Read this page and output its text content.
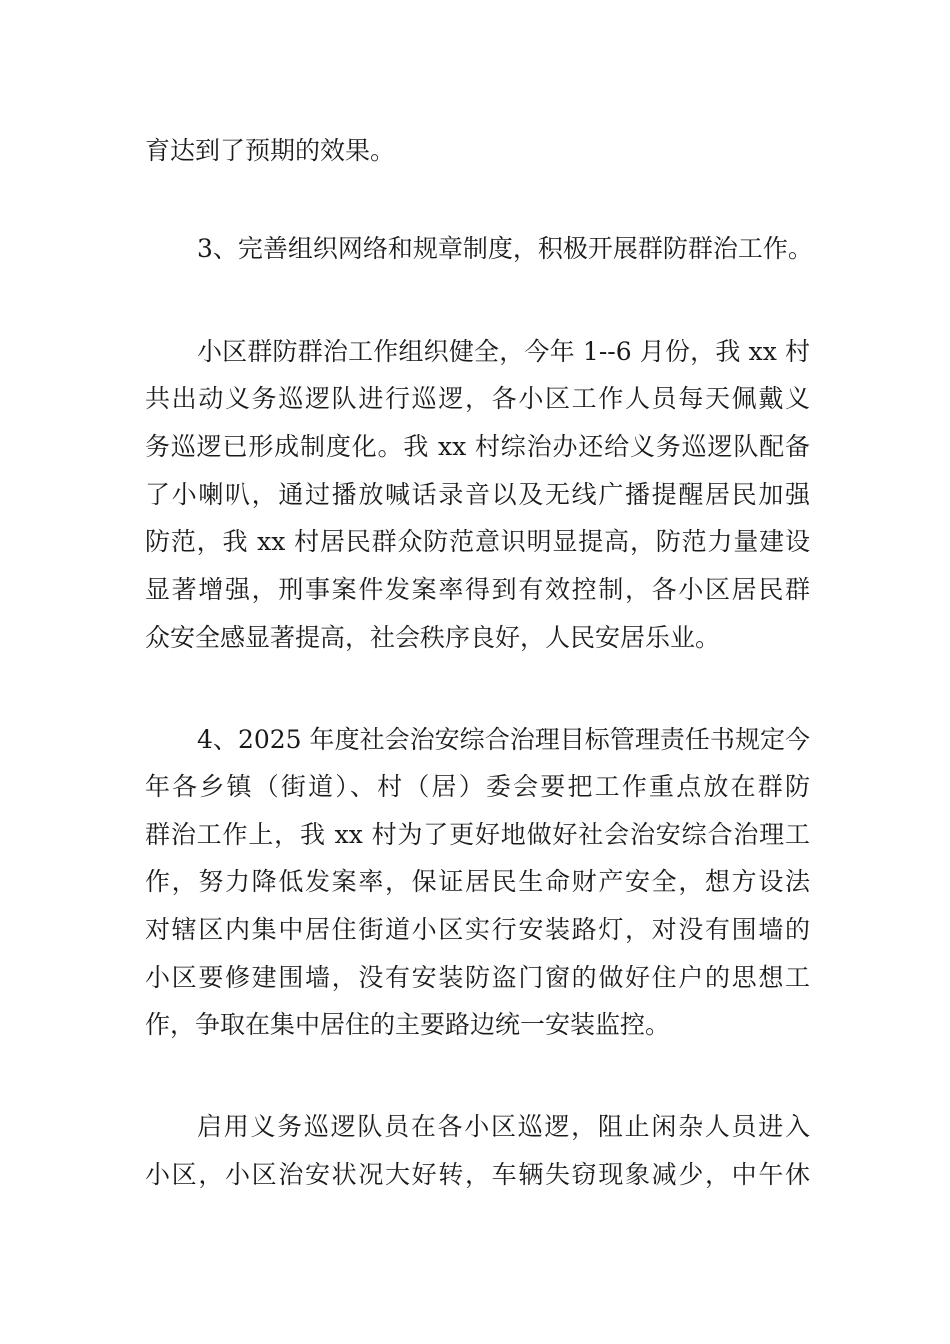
育达到了预期的效果。
3、完善组织网络和规章制度，积极开展群防群治工作。
小区群防群治工作组织健全，今年 1--6 月份，我 xx 村
共出动义务巡逻队进行巡逻，各小区工作人员每天佩戴义
务巡逻已形成制度化。我 xx 村综治办还给义务巡逻队配备
了小喇叭，通过播放喊话录音以及无线广播提醒居民加强
防范，我 xx 村居民群众防范意识明显提高，防范力量建设
显著增强，刑事案件发案率得到有效控制，各小区居民群
众安全感显著提高，社会秩序良好，人民安居乐业。
4、2025 年度社会治安综合治理目标管理责任书规定今
年各乡镇（街道）、村（居）委会要把工作重点放在群防
群治工作上，我 xx 村为了更好地做好社会治安综合治理工
作，努力降低发案率，保证居民生命财产安全，想方设法
对辖区内集中居住街道小区实行安装路灯，对没有围墙的
小区要修建围墙，没有安装防盗门窗的做好住户的思想工
作，争取在集中居住的主要路边统一安装监控。
启用义务巡逻队员在各小区巡逻，阻止闲杂人员进入
小区，小区治安状况大好转，车辆失窃现象减少，中午休
